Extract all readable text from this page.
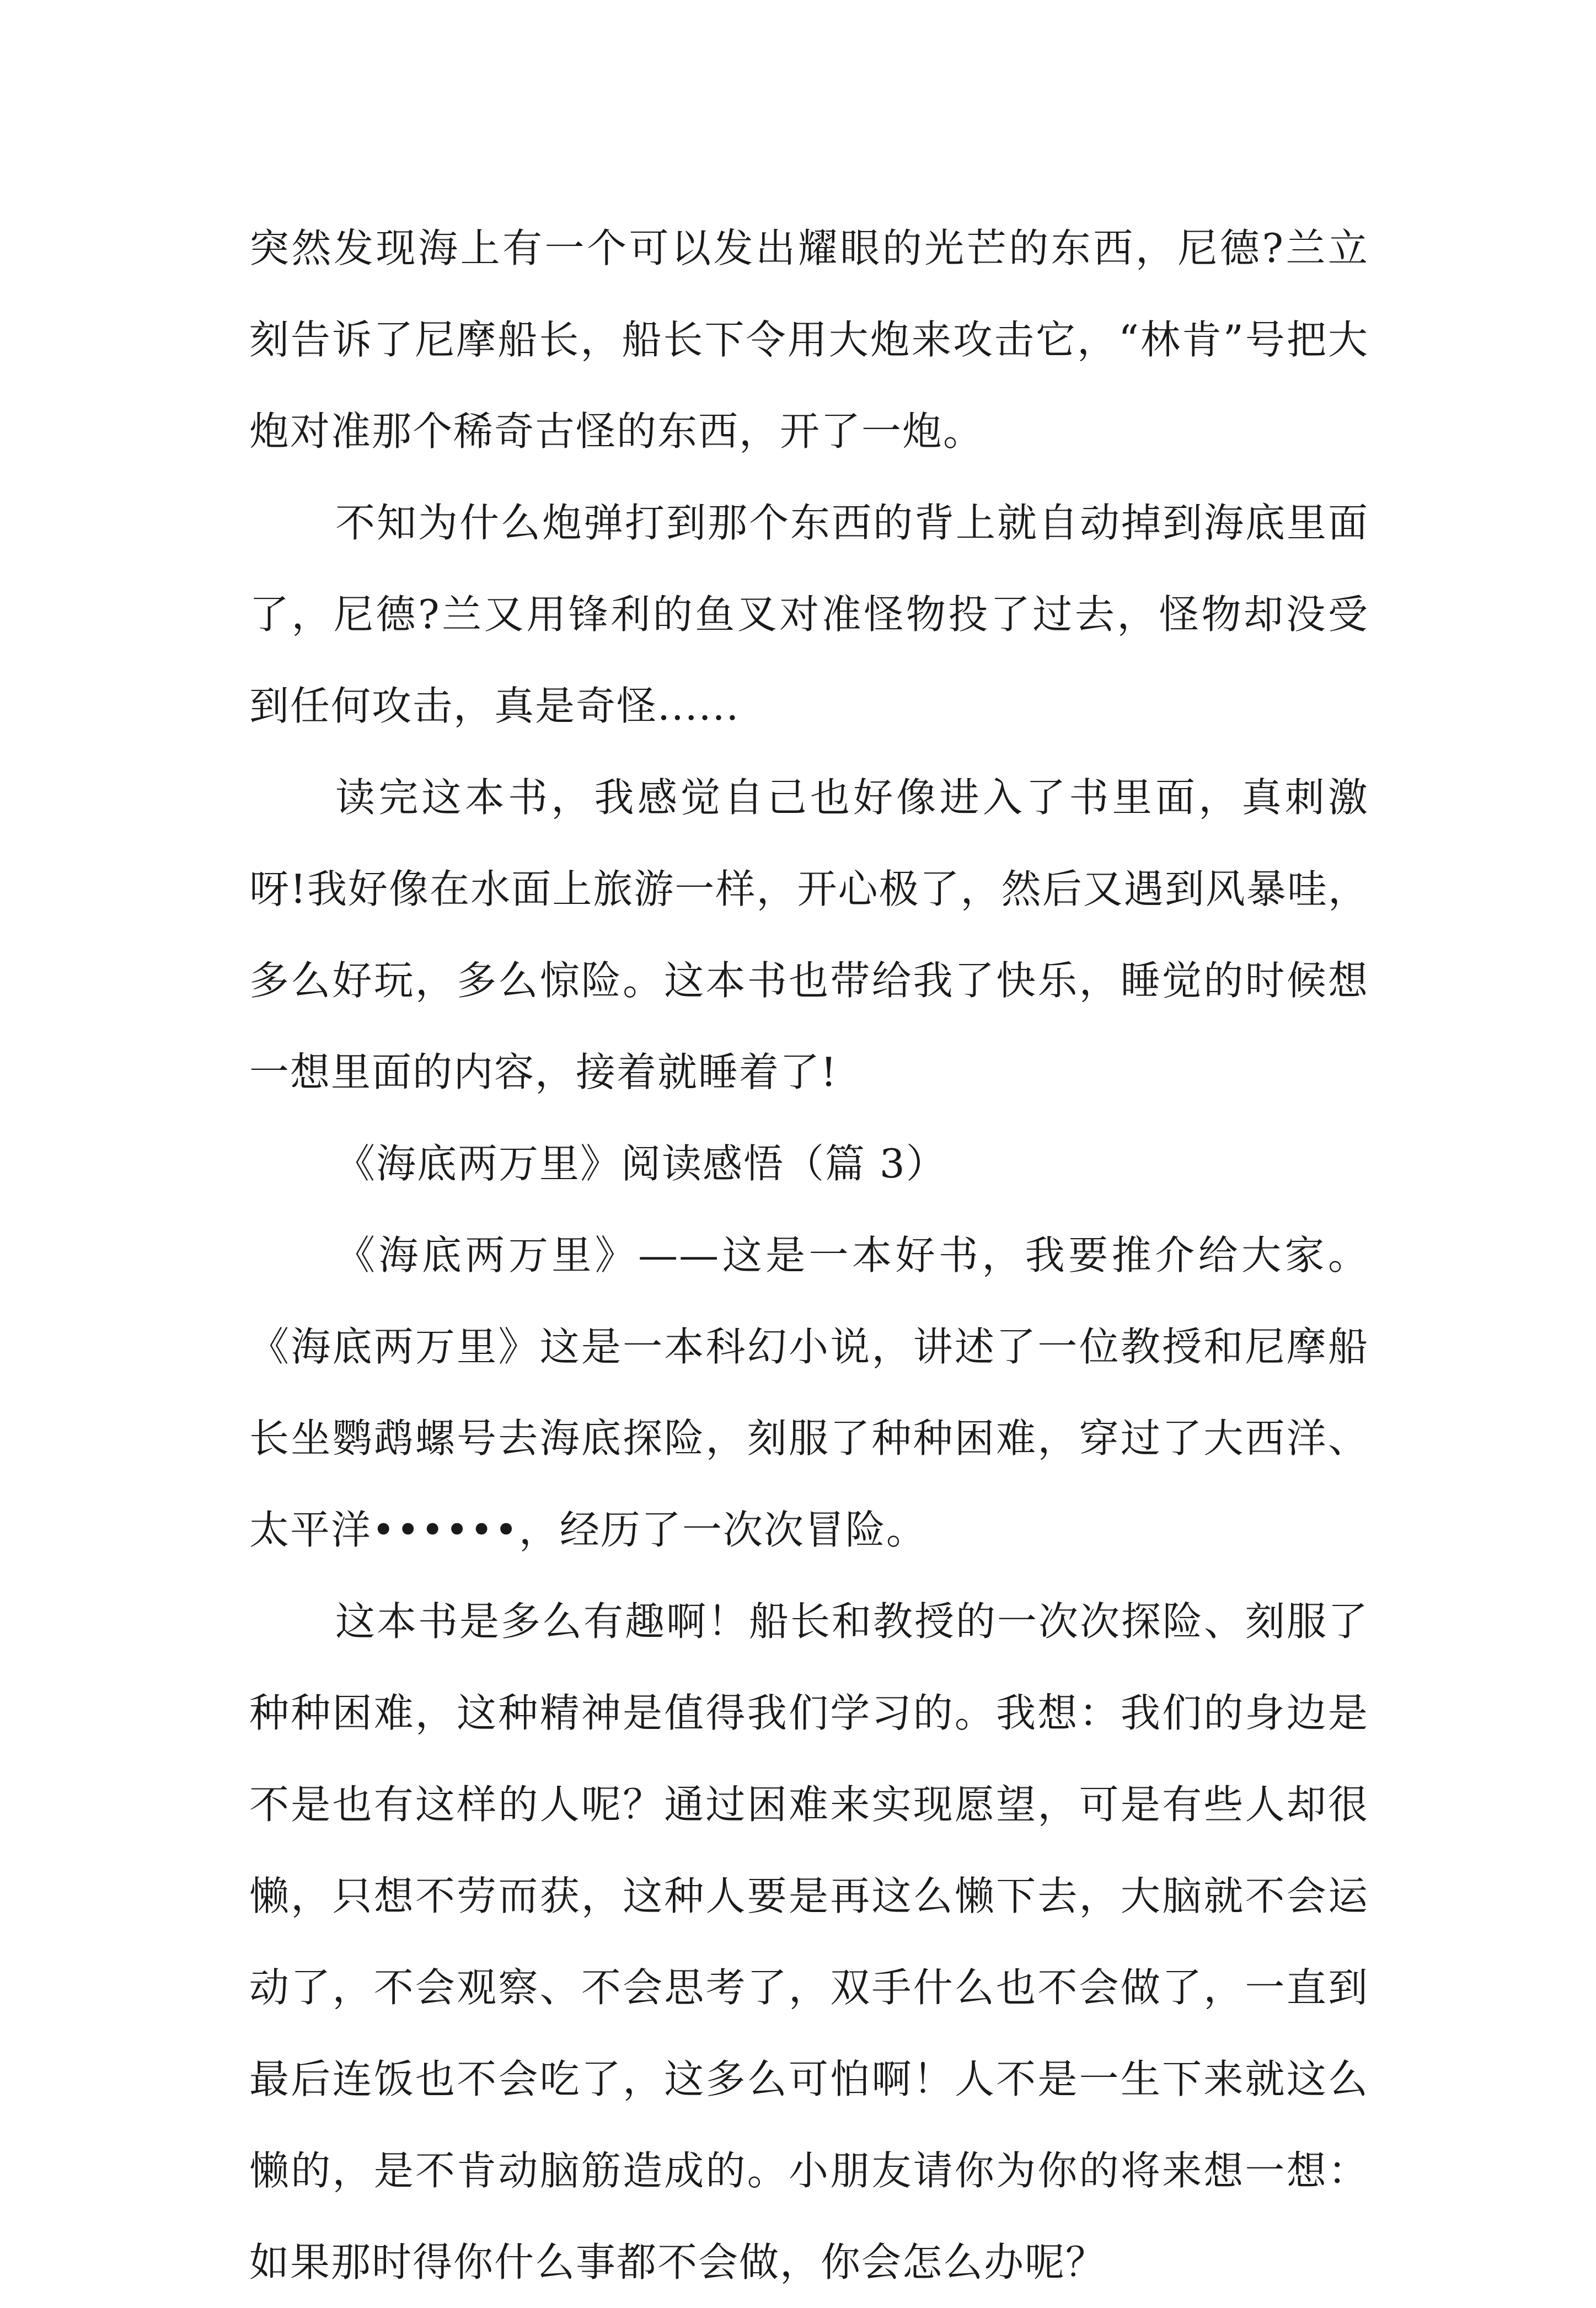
突然发现海上有一个可以发出耀眼的光芒的东西，尼德?兰立刻告诉了尼摩船长，船长下令用大炮来攻击它，“林肯”号把大炮对准那个稀奇古怪的东西，开了一炮。

不知为什么炮弹打到那个东西的背上就自动掉到海底里面了，尼德?兰又用锋利的鱼叉对准怪物投了过去，怪物却没受到任何攻击，真是奇怪......

读完这本书，我感觉自己也好像进入了书里面，真刺激呀!我好像在水面上旅游一样，开心极了，然后又遇到风暴哇，多么好玩，多么惊险。这本书也带给我了快乐，睡觉的时候想一想里面的内容，接着就睡着了!

《海底两万里》阅读感悟（篇 3）

《海底两万里》——这是一本好书，我要推介给大家。《海底两万里》这是一本科幻小说，讲述了一位教授和尼摩船长坐鹦鹉螺号去海底探险，刻服了种种困难，穿过了大西洋、太平洋••••••，经历了一次次冒险。

这本书是多么有趣啊！船长和教授的一次次探险、刻服了种种困难，这种精神是值得我们学习的。我想：我们的身边是不是也有这样的人呢？通过困难来实现愿望，可是有些人却很懒，只想不劳而获，这种人要是再这么懒下去，大脑就不会运动了，不会观察、不会思考了，双手什么也不会做了，一直到最后连饭也不会吃了，这多么可怕啊！人不是一生下来就这么懒的，是不肯动脑筋造成的。小朋友请你为你的将来想一想：如果那时得你什么事都不会做，你会怎么办呢？
